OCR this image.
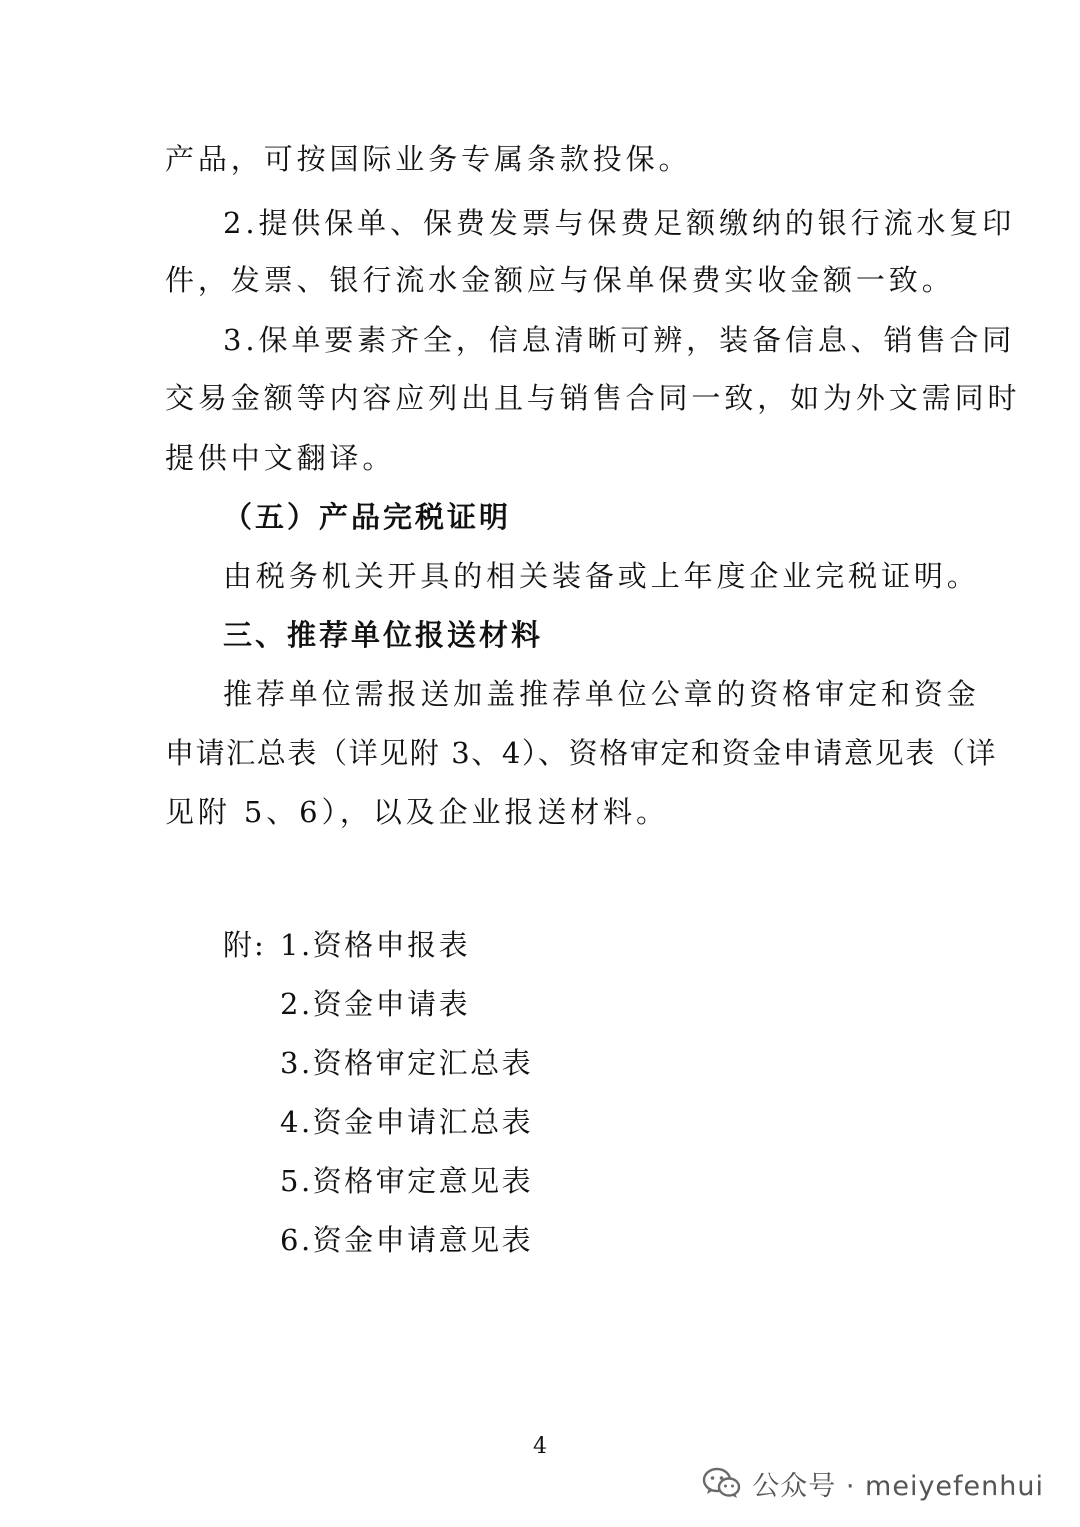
产品，可按国际业务专属条款投保。
2.提供保单、保费发票与保费足额缴纳的银行流水复印
件，发票、银行流水金额应与保单保费实收金额一致。
3.保单要素齐全，信息清晰可辨，装备信息、销售合同
交易金额等内容应列出且与销售合同一致，如为外文需同时
提供中文翻译。
（五）产品完税证明
由税务机关开具的相关装备或上年度企业完税证明。
三、推荐单位报送材料
推荐单位需报送加盖推荐单位公章的资格审定和资金
申请汇总表（详见附 3、4）、资格审定和资金申请意见表（详
见附 5、6），以及企业报送材料。
附: 1.资格申报表
2.资金申请表
3.资格审定汇总表
4.资金申请汇总表
5.资格审定意见表
6.资金申请意见表
4
公众号 · meiyefenhui
